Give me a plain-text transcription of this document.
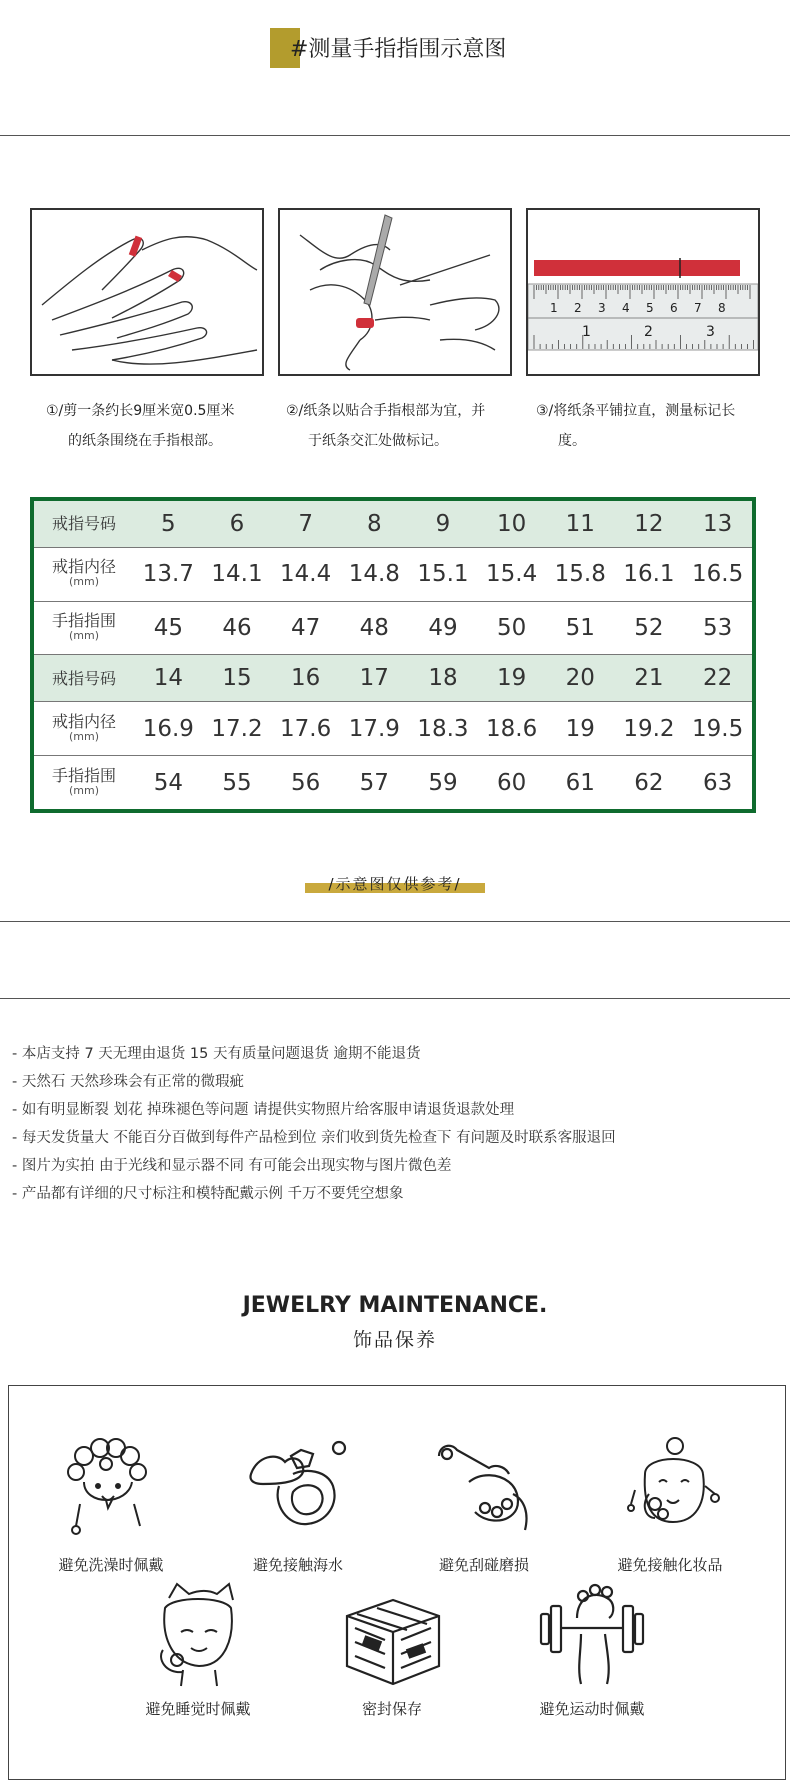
#测量手指指围示意图
1 2 3 4 5 6 7 8
1	2	3
①/剪一条约长9厘米宽0.5厘米
的纸条围绕在手指根部。
②/纸条以贴合手指根部为宜，并
于纸条交汇处做标记。
③/将纸条平铺拉直，测量标记长
度。
戒指号码	5	6	7	8	9	10	11	12	13
戒指内径
(mm)	13.7	14.1	14.4	14.8	15.1	15.4	15.8	16.1	16.5
手指指围
(mm)	45	46	47	48	49	50	51	52	53
戒指号码	14	15	16	17	18	19	20	21	22
戒指内径
(mm)	16.9	17.2	17.6	17.9	18.3	18.6	19	19.2	19.5
手指指围
(mm)	54	55	56	57	59	60	61	62	63
/示意图仅供参考/
- 本店支持 7 天无理由退货 15 天有质量问题退货 逾期不能退货
- 天然石 天然珍珠会有正常的微瑕疵
- 如有明显断裂 划花 掉珠褪色等问题 请提供实物照片给客服申请退货退款处理
- 每天发货量大 不能百分百做到每件产品检到位 亲们收到货先检查下 有问题及时联系客服退回
- 图片为实拍 由于光线和显示器不同 有可能会出现实物与图片微色差
- 产品都有详细的尺寸标注和模特配戴示例 千万不要凭空想象
JEWELRY MAINTENANCE.
饰品保养
避免洗澡时佩戴	避免接触海水	避免刮碰磨损	避免接触化妆品
避免睡觉时佩戴	密封保存	避免运动时佩戴
